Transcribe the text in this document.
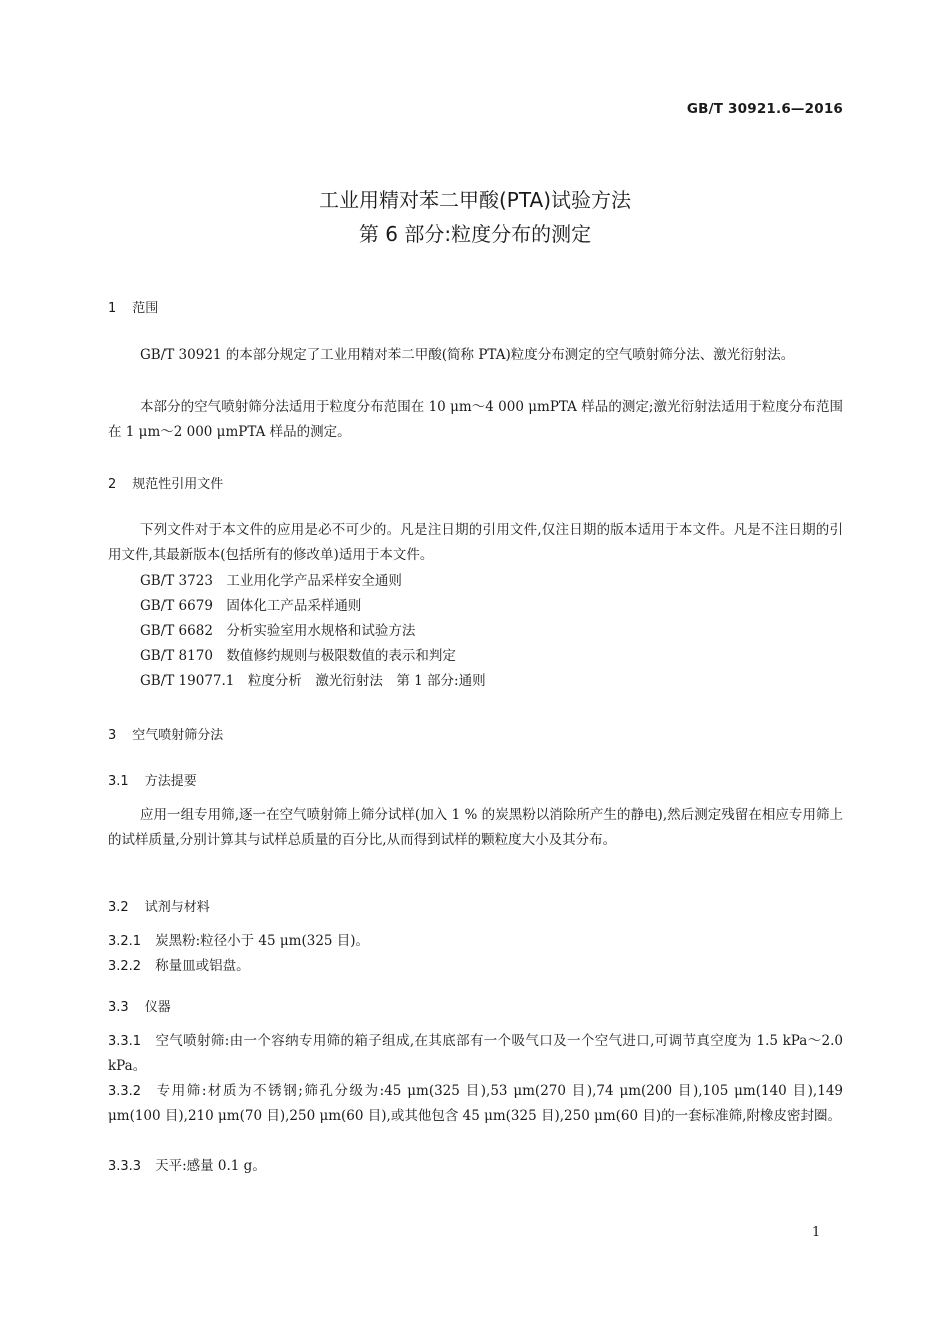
GB/T 30921.6—2016
工业用精对苯二甲酸(PTA)试验方法
第 6 部分:粒度分布的测定
1 范围
GB/T 30921 的本部分规定了工业用精对苯二甲酸(简称 PTA)粒度分布测定的空气喷射筛分法、激光衍射法。
本部分的空气喷射筛分法适用于粒度分布范围在 10 μm～4 000 μmPTA 样品的测定;激光衍射法适用于粒度分布范围在 1 μm～2 000 μmPTA 样品的测定。
2 规范性引用文件
下列文件对于本文件的应用是必不可少的。凡是注日期的引用文件,仅注日期的版本适用于本文件。凡是不注日期的引用文件,其最新版本(包括所有的修改单)适用于本文件。
GB/T 3723　工业用化学产品采样安全通则
GB/T 6679　固体化工产品采样通则
GB/T 6682　分析实验室用水规格和试验方法
GB/T 8170　数值修约规则与极限数值的表示和判定
GB/T 19077.1　粒度分析　激光衍射法　第 1 部分:通则
3 空气喷射筛分法
3.1 方法提要
应用一组专用筛,逐一在空气喷射筛上筛分试样(加入 1 % 的炭黑粉以消除所产生的静电),然后测定残留在相应专用筛上的试样质量,分别计算其与试样总质量的百分比,从而得到试样的颗粒度大小及其分布。
3.2 试剂与材料
3.2.1 炭黑粉:粒径小于 45 μm(325 目)。
3.2.2 称量皿或铝盘。
3.3 仪器
3.3.1 空气喷射筛:由一个容纳专用筛的箱子组成,在其底部有一个吸气口及一个空气进口,可调节真空度为 1.5 kPa～2.0 kPa。
3.3.2 专用筛:材质为不锈钢;筛孔分级为:45 μm(325 目),53 μm(270 目),74 μm(200 目),105 μm(140 目),149 μm(100 目),210 μm(70 目),250 μm(60 目),或其他包含 45 μm(325 目),250 μm(60 目)的一套标准筛,附橡皮密封圈。
3.3.3 天平:感量 0.1 g。
1
